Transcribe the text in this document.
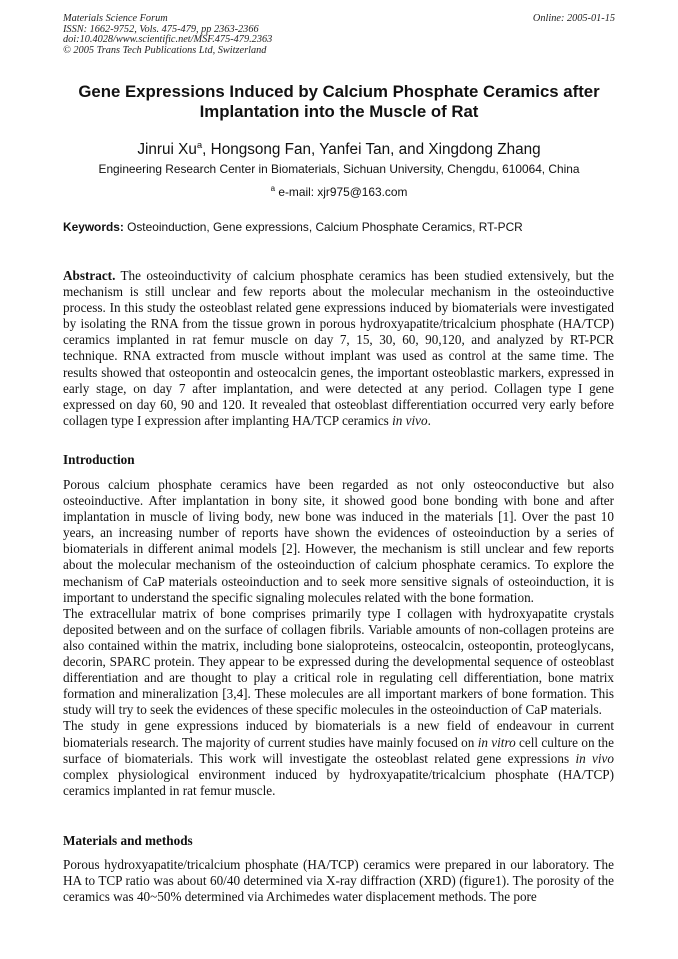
Materials Science Forum
ISSN: 1662-9752, Vols. 475-479, pp 2363-2366
doi:10.4028/www.scientific.net/MSF.475-479.2363
© 2005 Trans Tech Publications Ltd, Switzerland
Online: 2005-01-15
Gene Expressions Induced by Calcium Phosphate Ceramics after
Implantation into the Muscle of Rat
Jinrui Xu$^a$, Hongsong Fan, Yanfei Tan, and Xingdong Zhang
Engineering Research Center in Biomaterials, Sichuan University, Chengdu, 610064, China
$^a$ e-mail: xjr975@163.com
Keywords: Osteoinduction, Gene expressions, Calcium Phosphate Ceramics, RT-PCR

Abstract. The osteoinductivity of calcium phosphate ceramics has been studied extensively, but the mechanism is still unclear and few reports about the molecular mechanism in the osteoinductive process. In this study the osteoblast related gene expressions induced by biomaterials were investigated by isolating the RNA from the tissue grown in porous hydroxyapatite/tricalcium phosphate (HA/TCP) ceramics implanted in rat femur muscle on day 7, 15, 30, 60, 90,120, and analyzed by RT-PCR technique. RNA extracted from muscle without implant was used as control at the same time. The results showed that osteopontin and osteocalcin genes, the important osteoblastic markers, expressed in early stage, on day 7 after implantation, and were detected at any period. Collagen type I gene expressed on day 60, 90 and 120. It revealed that osteoblast differentiation occurred very early before collagen type I expression after implanting HA/TCP ceramics in vivo.

Introduction

Porous calcium phosphate ceramics have been regarded as not only osteoconductive but also osteoinductive. After implantation in bony site, it showed good bone bonding with bone and after implantation in muscle of living body, new bone was induced in the materials [1]. Over the past 10 years, an increasing number of reports have shown the evidences of osteoinduction by a series of biomaterials in different animal models [2]. However, the mechanism is still unclear and few reports about the molecular mechanism of the osteoinduction of calcium phosphate ceramics. To explore the mechanism of CaP materials osteoinduction and to seek more sensitive signals of osteoinduction, it is important to understand the specific signaling molecules related with the bone formation.

The extracellular matrix of bone comprises primarily type I collagen with hydroxyapatite crystals deposited between and on the surface of collagen fibrils. Variable amounts of non-collagen proteins are also contained within the matrix, including bone sialoproteins, osteocalcin, osteopontin, proteoglycans, decorin, SPARC protein. They appear to be expressed during the developmental sequence of osteoblast differentiation and are thought to play a critical role in regulating cell differentiation, bone matrix formation and mineralization [3,4]. These molecules are all important markers of bone formation. This study will try to seek the evidences of these specific molecules in the osteoinduction of CaP materials.

The study in gene expressions induced by biomaterials is a new field of endeavour in current biomaterials research. The majority of current studies have mainly focused on in vitro cell culture on the surface of biomaterials. This work will investigate the osteoblast related gene expressions in vivo complex physiological environment induced by hydroxyapatite/tricalcium phosphate (HA/TCP) ceramics implanted in rat femur muscle.

Materials and methods

Porous hydroxyapatite/tricalcium phosphate (HA/TCP) ceramics were prepared in our laboratory. The HA to TCP ratio was about 60/40 determined via X-ray diffraction (XRD) (figure1). The porosity of the ceramics was 40~50% determined via Archimedes water displacement methods. The pore
